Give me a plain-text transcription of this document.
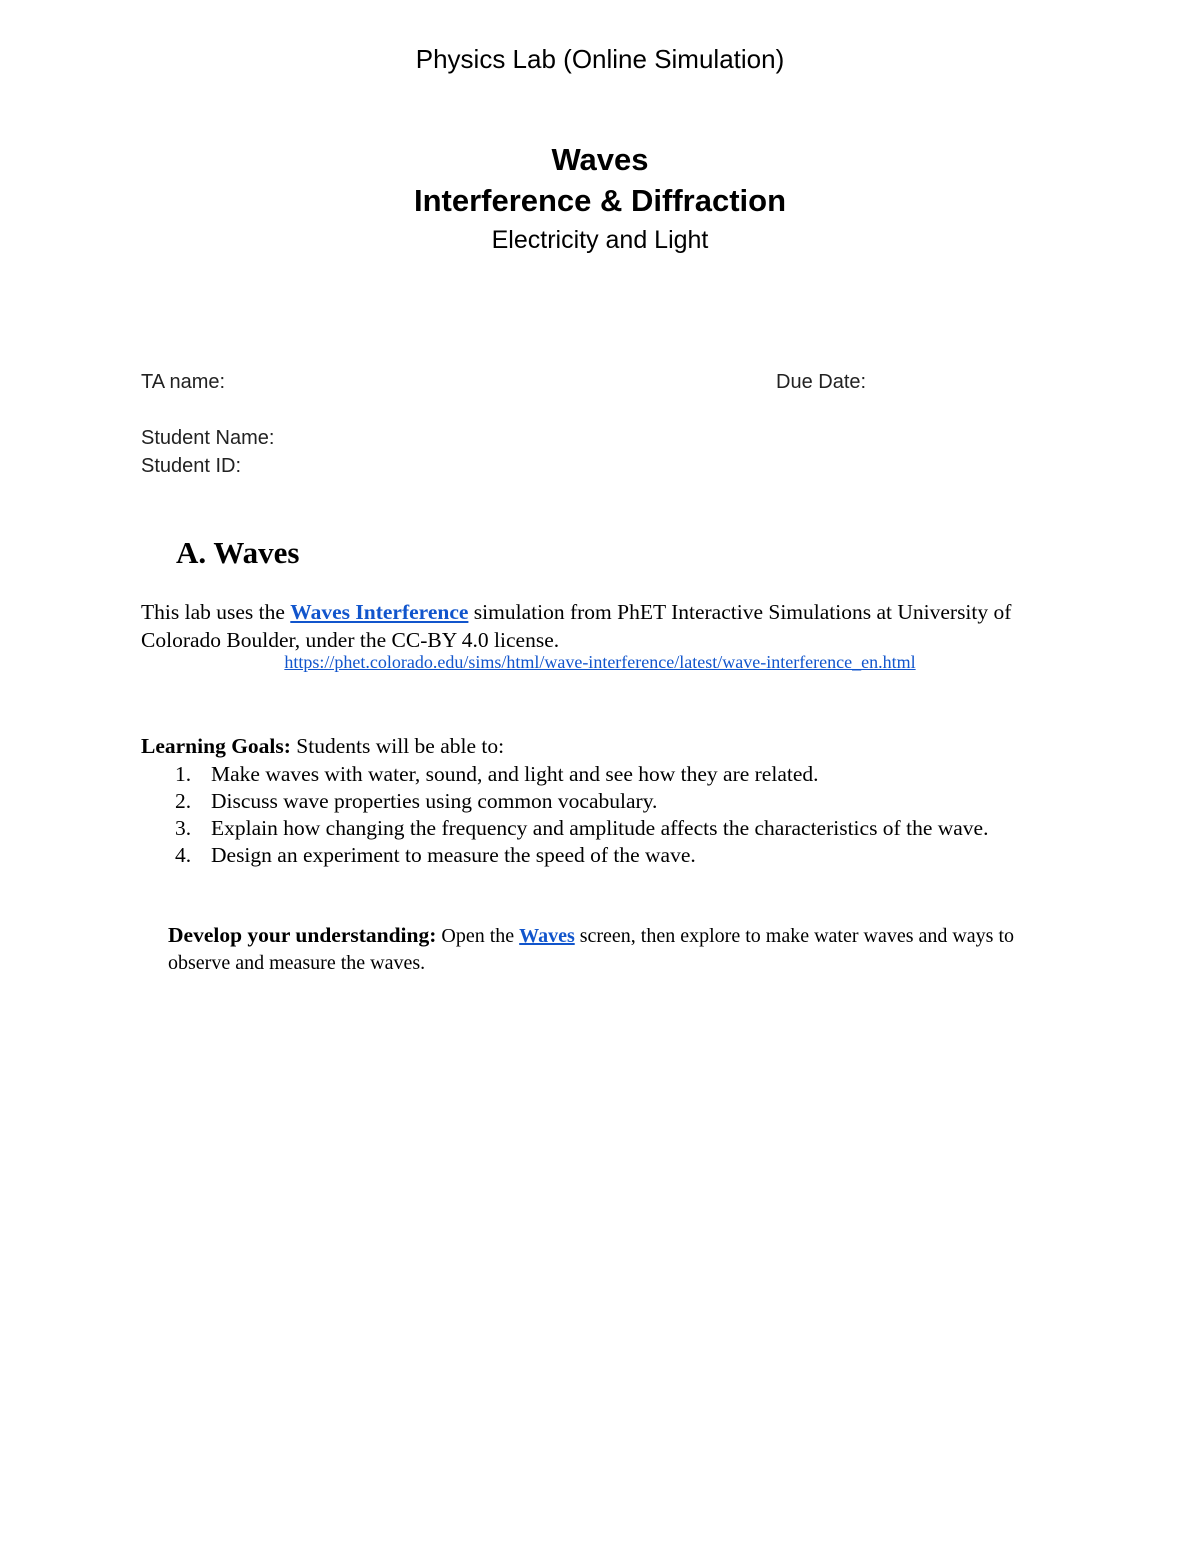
Physics Lab (Online Simulation)
Waves
Interference & Diffraction
Electricity and Light
TA name:	Due Date:
Student Name:
Student ID:
A. Waves
This lab uses the Waves Interference simulation from PhET Interactive Simulations at University of Colorado Boulder, under the CC-BY 4.0 license.
https://phet.colorado.edu/sims/html/wave-interference/latest/wave-interference_en.html
Learning Goals: Students will be able to:
1. Make waves with water, sound, and light and see how they are related.
2. Discuss wave properties using common vocabulary.
3. Explain how changing the frequency and amplitude affects the characteristics of the wave.
4. Design an experiment to measure the speed of the wave.
Develop your understanding: Open the Waves screen, then explore to make water waves and ways to observe and measure the waves.
